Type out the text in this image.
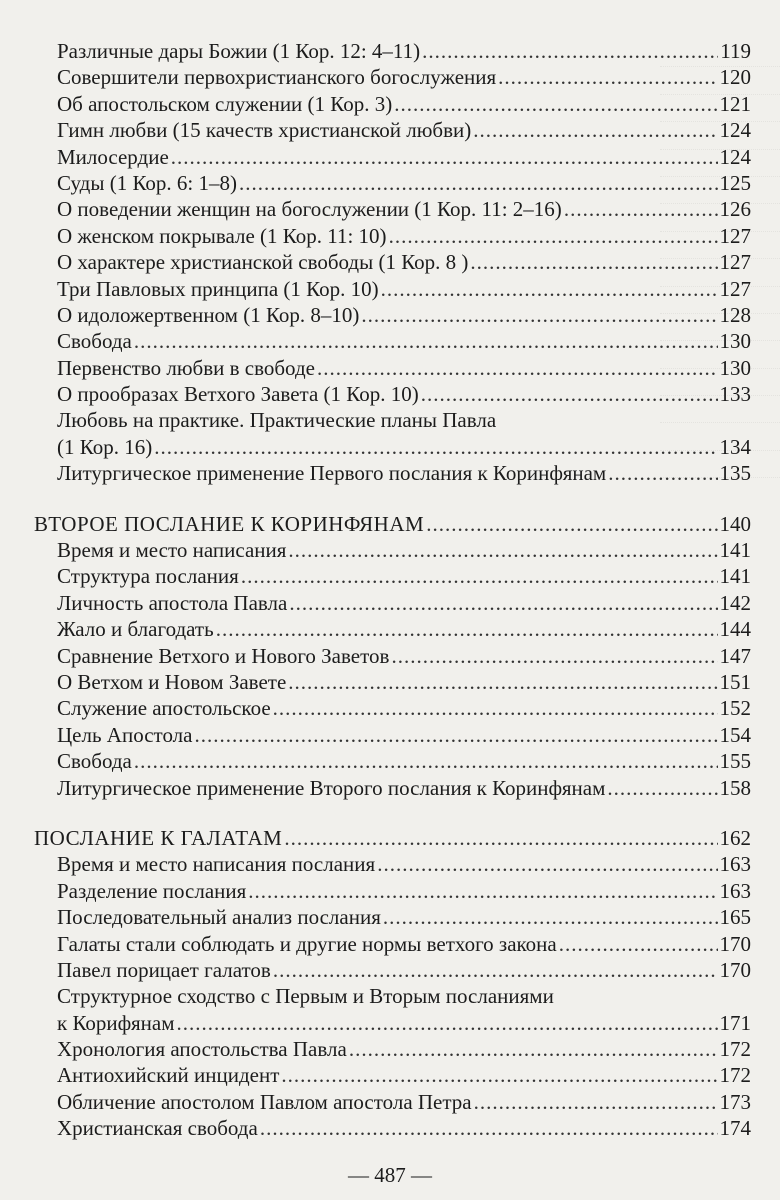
Различные дары Божии (1 Кор. 12: 4–11) .....	119
Совершители первохристианского богослужения .....	120
Об апостольском служении (1 Кор. 3) .....	121
Гимн любви (15 качеств христианской любви) .....	124
Милосердие .....	124
Суды (1 Кор. 6: 1–8) .....	125
О поведении женщин на богослужении (1 Кор. 11: 2–16) .....	126
О женском покрывале (1 Кор. 11: 10) .....	127
О характере христианской свободы (1 Кор. 8 ) .....	127
Три Павловых принципа (1 Кор. 10) .....	127
О идоложертвенном (1 Кор. 8–10) .....	128
Свобода .....	130
Первенство любви в свободе .....	130
О прообразах Ветхого Завета (1 Кор. 10) .....	133
Любовь на практике. Практические планы Павла
(1 Кор. 16) .....	134
Литургическое применение Первого послания к Коринфянам .....	135
ВТОРОЕ ПОСЛАНИЕ К КОРИНФЯНАМ .....	140
Время и место написания .....	141
Структура послания .....	141
Личность апостола Павла .....	142
Жало и благодать .....	144
Сравнение Ветхого и Нового Заветов .....	147
О Ветхом и Новом Завете .....	151
Служение апостольское .....	152
Цель Апостола .....	154
Свобода .....	155
Литургическое применение Второго послания к Коринфянам .....	158
ПОСЛАНИЕ К ГАЛАТАМ .....	162
Время и место написания послания .....	163
Разделение послания .....	163
Последовательный анализ послания .....	165
Галаты стали соблюдать и другие нормы ветхого закона .....	170
Павел порицает галатов .....	170
Структурное сходство с Первым и Вторым посланиями
к Корифянам .....	171
Хронология апостольства Павла .....	172
Антиохийский инцидент .....	172
Обличение апостолом Павлом апостола Петра .....	173
Христианская свобода .....	174
— 487 —
